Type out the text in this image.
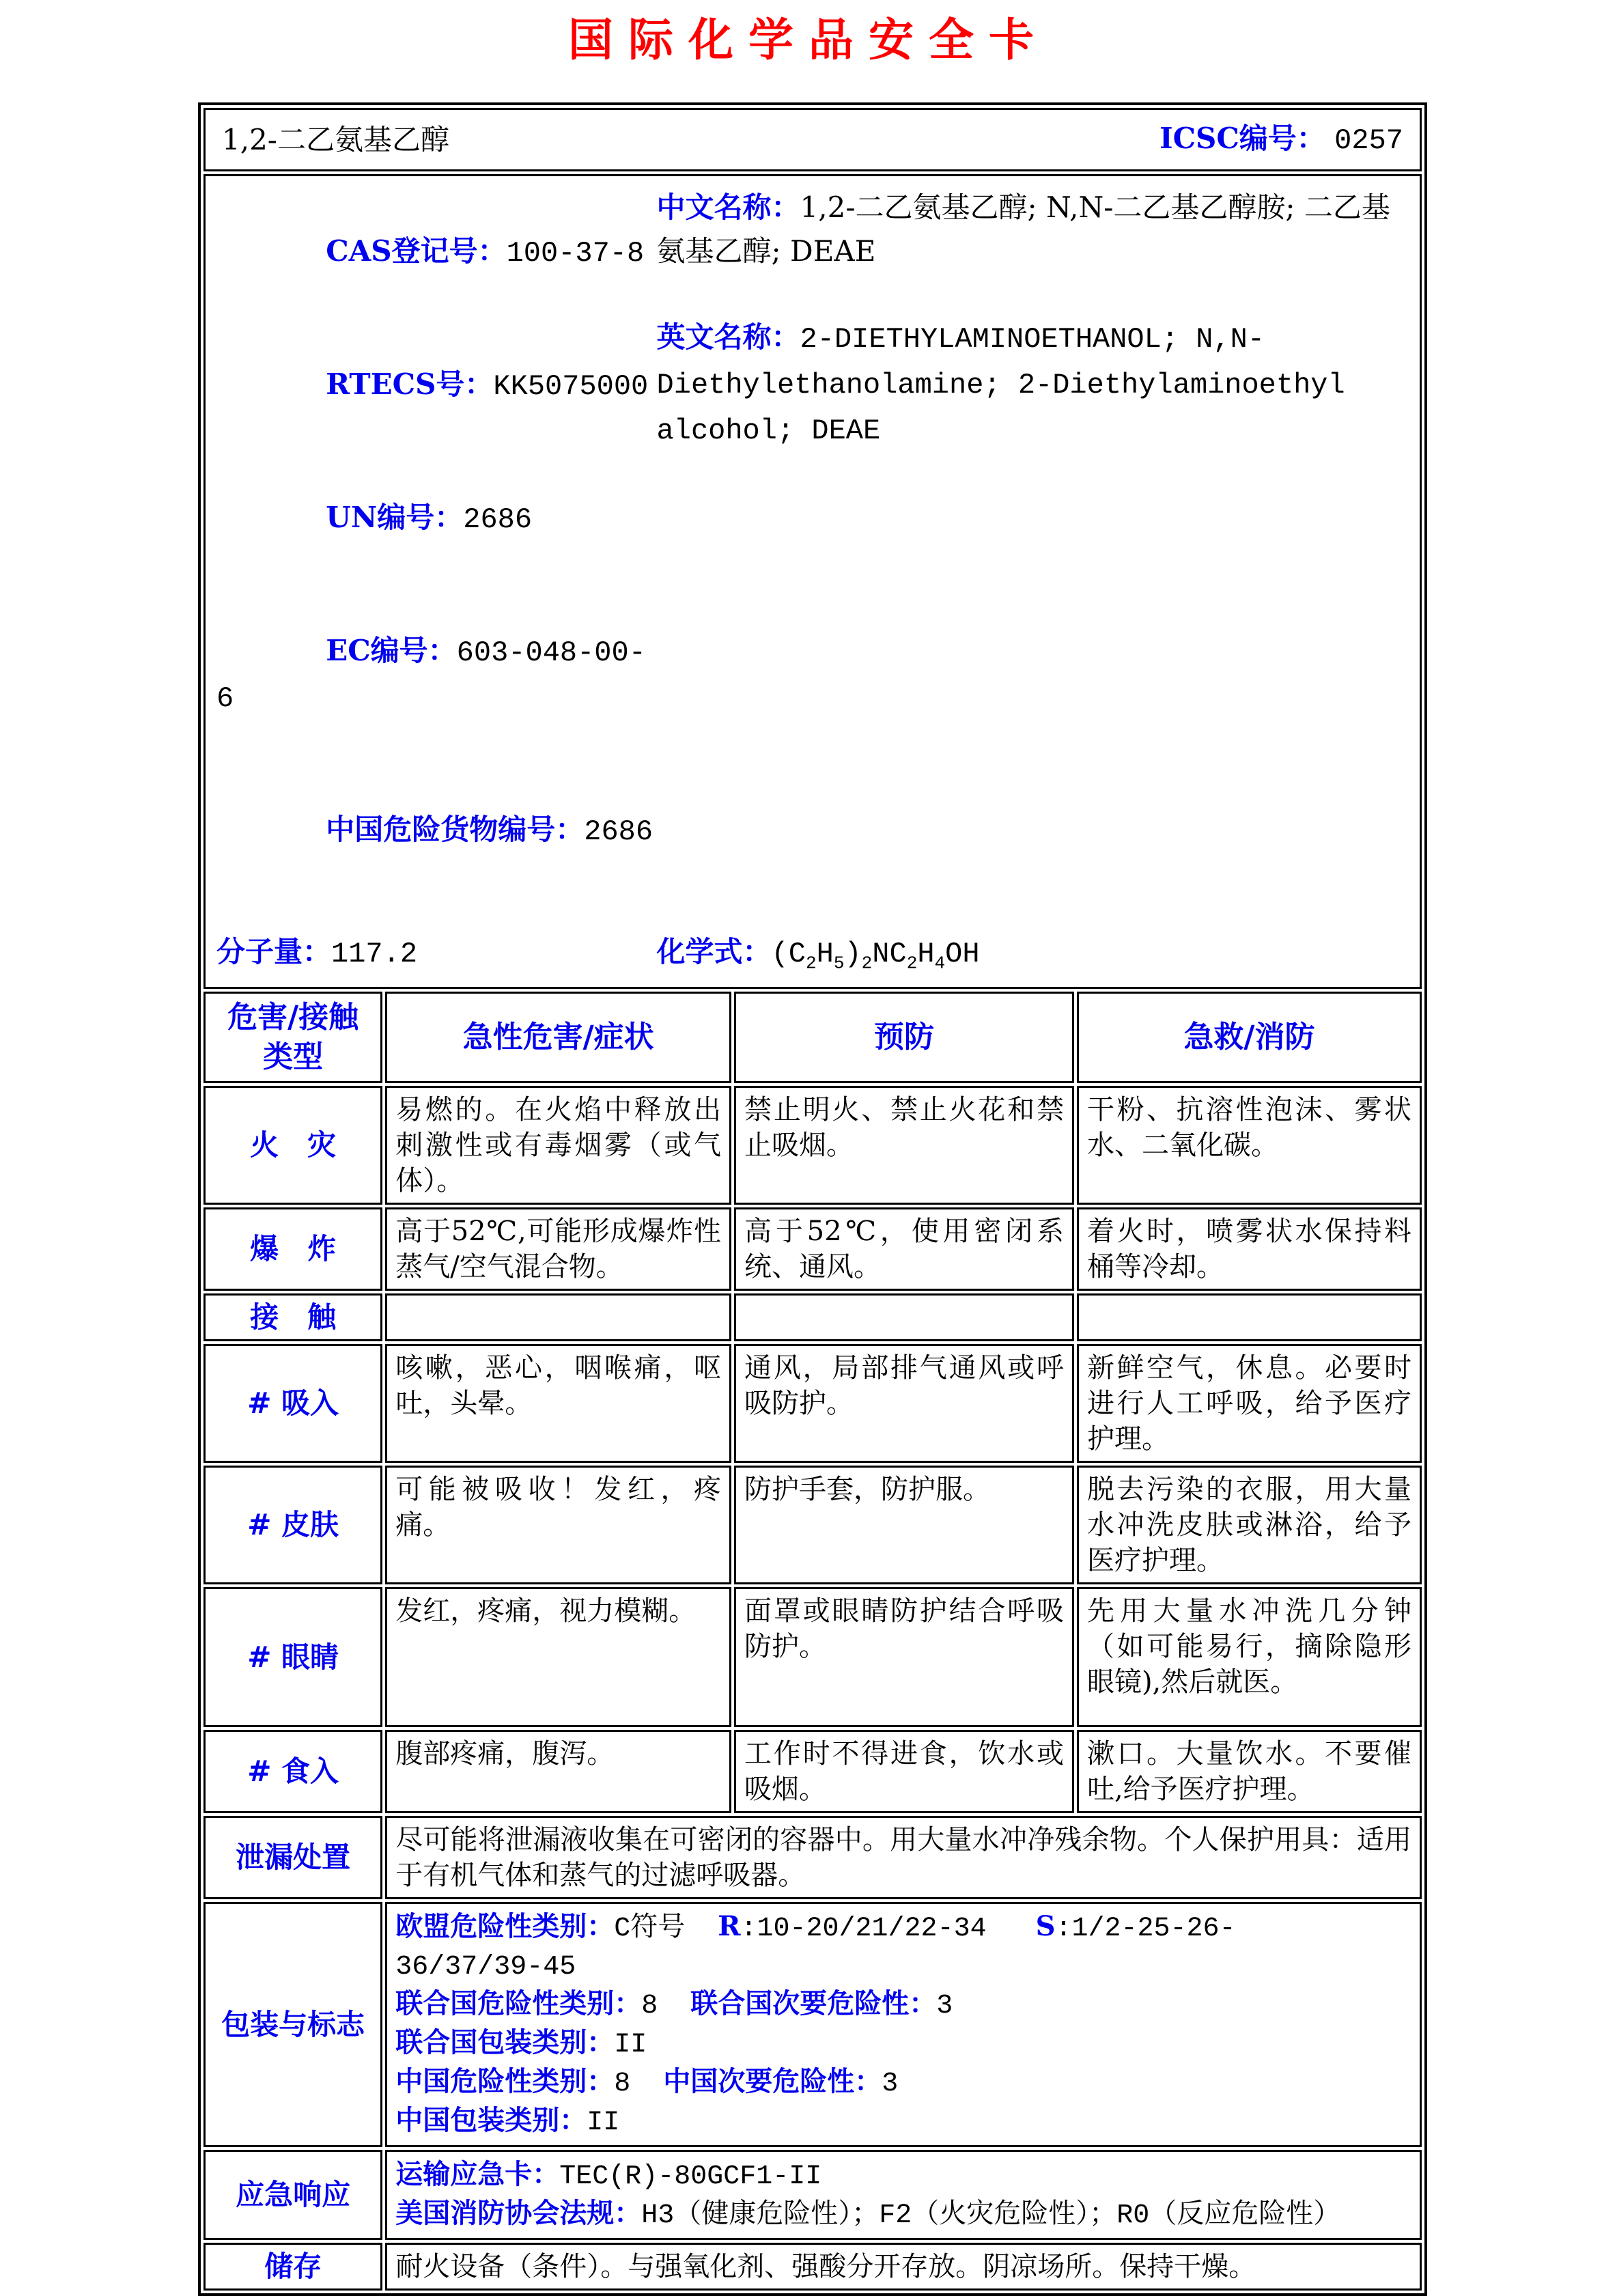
国际化学品安全卡
1,2-二乙氨基乙醇 ICSC编号： 0257			

CAS登记号：100-37-8

RTECS号：KK5075000

UN编号：2686

EC编号：603-048-00-6

中国危险货物编号：2686

中文名称：1,2-二乙氨基乙醇; N,N-二乙基乙醇胺; 二乙基氨基乙醇; DEAE
英文名称：2-DIETHYLAMINOETHANOL; N,N-Diethylethanolamine; 2-Diethylaminoethyl alcohol; DEAE
分子量：117.2	化学式：$(C_2H_5)_2NC_2H_4OH$

危害/接触类型	急性危害/症状	预防	急救/消防
火　灾	易燃的。在火焰中释放出刺激性或有毒烟雾（或气体）。	禁止明火、禁止火花和禁止吸烟。	干粉、抗溶性泡沫、雾状水、二氧化碳。
爆　炸	高于52℃,可能形成爆炸性蒸气/空气混合物。	高于52℃，使用密闭系统、通风。	着火时，喷雾状水保持料桶等冷却。
接　触			
# 吸入	咳嗽，恶心，咽喉痛，呕吐，头晕。	通风，局部排气通风或呼吸防护。	新鲜空气，休息。必要时进行人工呼吸，给予医疗护理。
# 皮肤	可能被吸收！发红，疼痛。	防护手套，防护服。	脱去污染的衣服，用大量水冲洗皮肤或淋浴，给予医疗护理。
# 眼睛	发红，疼痛，视力模糊。	面罩或眼睛防护结合呼吸防护。	先用大量水冲洗几分钟（如可能易行，摘除隐形眼镜),然后就医。
# 食入	腹部疼痛，腹泻。	工作时不得进食，饮水或吸烟。	漱口。大量饮水。不要催吐,给予医疗护理。
泄漏处置	尽可能将泄漏液收集在可密闭的容器中。用大量水冲净残余物。个人保护用具：适用于有机气体和蒸气的过滤呼吸器。		
包装与标志	
欧盟危险性类别：C符号  R:10-20/21/22-34   S:1/2-25-26-
36/37/39-45
联合国危险性类别：8  联合国次要危险性：3
联合国包装类别：II
中国危险性类别：8  中国次要危险性：3
中国包装类别：II

应急响应	运输应急卡：TEC(R)-80GCF1-II
美国消防协会法规：H3（健康危险性）；F2（火灾危险性）；R0（反应危险性）		

储存	耐火设备（条件）。与强氧化剂、强酸分开存放。阴凉场所。保持干燥。		
